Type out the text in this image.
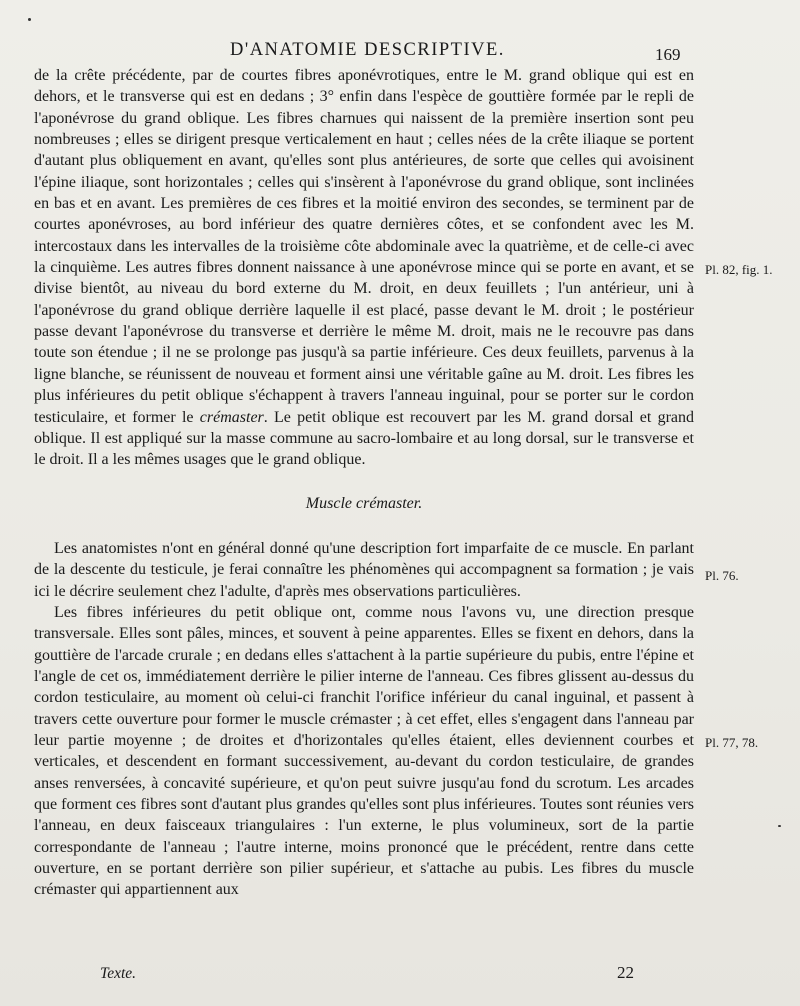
D'ANATOMIE DESCRIPTIVE.	169

de la crête précédente, par de courtes fibres aponévrotiques, entre le M. grand oblique qui est en dehors, et le transverse qui est en dedans ; 3° enfin dans l'espèce de gouttière formée par le repli de l'aponévrose du grand oblique. Les fibres charnues qui naissent de la première insertion sont peu nombreuses ; elles se dirigent presque verticalement en haut ; celles nées de la crête iliaque se portent d'autant plus obliquement en avant, qu'elles sont plus antérieures, de sorte que celles qui avoisinent l'épine iliaque, sont horizontales ; celles qui s'insèrent à l'aponévrose du grand oblique, sont inclinées en bas et en avant. Les premières de ces fibres et la moitié environ des secondes, se terminent par de courtes aponévroses, au bord inférieur des quatre dernières côtes, et se confondent avec les M. intercostaux dans les intervalles de la troisième côte abdominale avec la quatrième, et de celle-ci avec la cinquième. Les autres fibres donnent naissance à une aponévrose mince qui se porte en avant, et se divise bientôt, au niveau du bord externe du M. droit, en deux feuillets ; l'un antérieur, uni à l'aponévrose du grand oblique derrière laquelle il est placé, passe devant le M. droit ; le postérieur passe devant l'aponévrose du transverse et derrière le même M. droit, mais ne le recouvre pas dans toute son étendue ; il ne se prolonge pas jusqu'à sa partie inférieure. Ces deux feuillets, parvenus à la ligne blanche, se réunissent de nouveau et forment ainsi une véritable gaîne au M. droit. Les fibres les plus inférieures du petit oblique s'échappent à travers l'anneau inguinal, pour se porter sur le cordon testiculaire, et former le crémaster. Le petit oblique est recouvert par les M. grand dorsal et grand oblique. Il est appliqué sur la masse commune au sacro-lombaire et au long dorsal, sur le transverse et le droit. Il a les mêmes usages que le grand oblique.

Muscle crémaster.

Les anatomistes n'ont en général donné qu'une description fort imparfaite de ce muscle. En parlant de la descente du testicule, je ferai connaître les phénomènes qui accompagnent sa formation ; je vais ici le décrire seulement chez l'adulte, d'après mes observations particulières.

Les fibres inférieures du petit oblique ont, comme nous l'avons vu, une direction presque transversale. Elles sont pâles, minces, et souvent à peine apparentes. Elles se fixent en dehors, dans la gouttière de l'arcade crurale ; en dedans elles s'attachent à la partie supérieure du pubis, entre l'épine et l'angle de cet os, immédiatement derrière le pilier interne de l'anneau. Ces fibres glissent au-dessus du cordon testiculaire, au moment où celui-ci franchit l'orifice inférieur du canal inguinal, et passent à travers cette ouverture pour former le muscle crémaster ; à cet effet, elles s'engagent dans l'anneau par leur partie moyenne ; de droites et d'horizontales qu'elles étaient, elles deviennent courbes et verticales, et descendent en formant successivement, au-devant du cordon testiculaire, de grandes anses renversées, à concavité supérieure, et qu'on peut suivre jusqu'au fond du scrotum. Les arcades que forment ces fibres sont d'autant plus grandes qu'elles sont plus inférieures. Toutes sont réunies vers l'anneau, en deux faisceaux triangulaires : l'un externe, le plus volumineux, sort de la partie correspondante de l'anneau ; l'autre interne, moins prononcé que le précédent, rentre dans cette ouverture, en se portant derrière son pilier supérieur, et s'attache au pubis. Les fibres du muscle crémaster qui appartiennent aux

Pl. 82, fig. 1.
Pl. 76.
Pl. 77, 78.
Texte.	22
